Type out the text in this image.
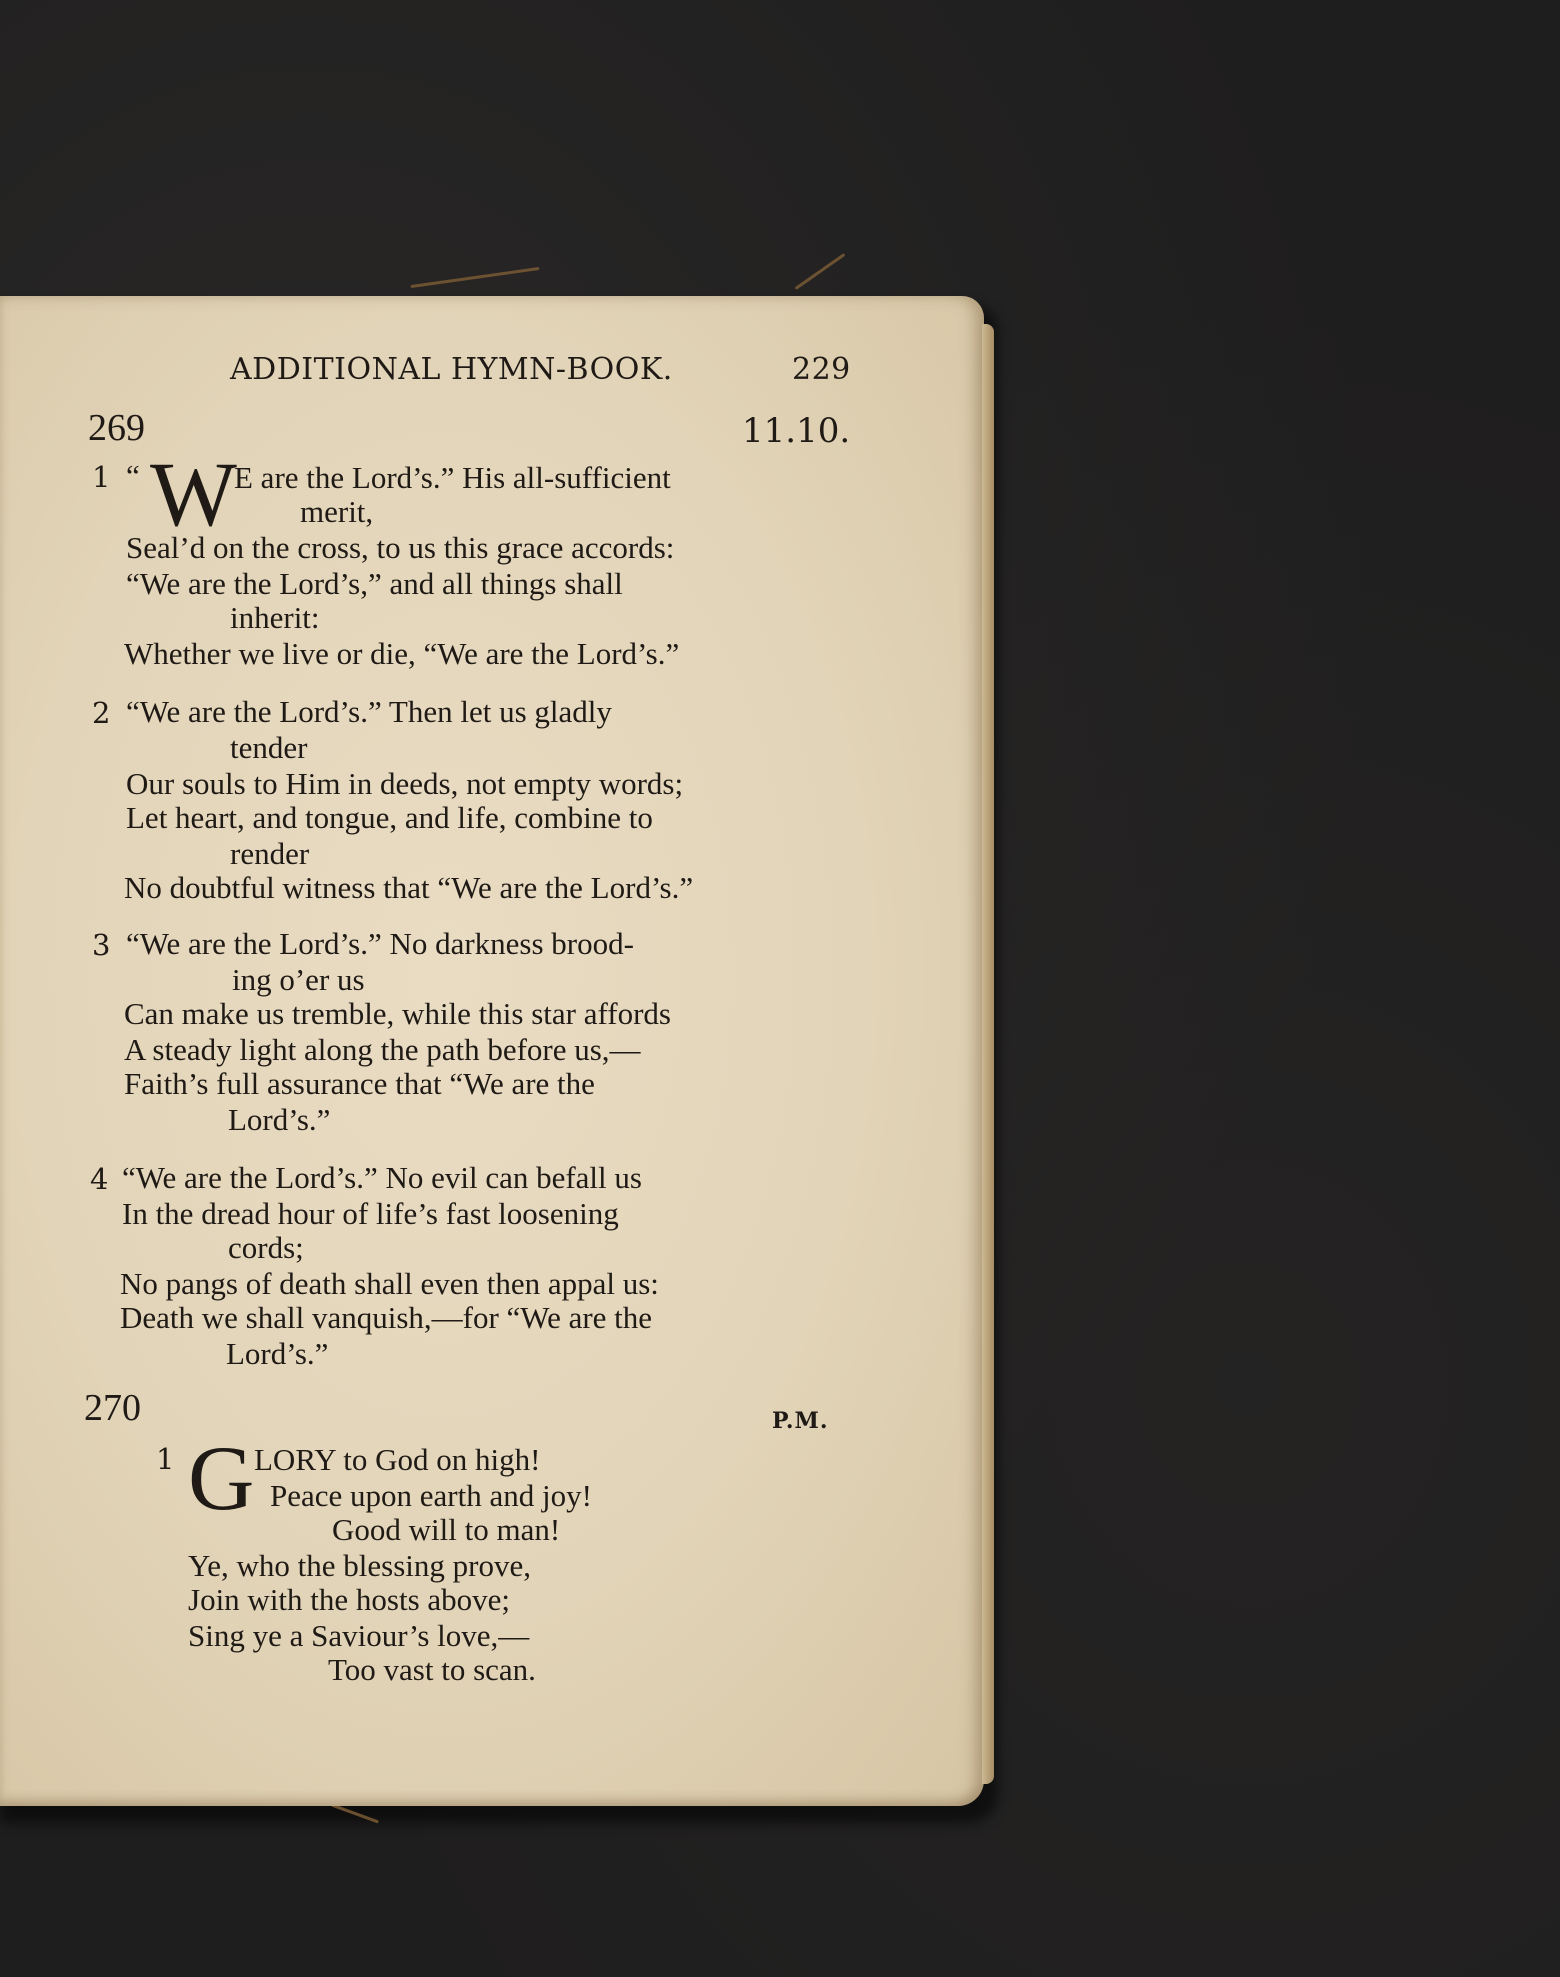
ADDITIONAL HYMN-BOOK.	229
269	11.10.
1 “ W
E are the Lord’s.” His all-sufficient
merit,
Seal’d on the cross, to us this grace accords:
“We are the Lord’s,” and all things shall
inherit:
Whether we live or die, “We are the Lord’s.”
2 “We are the Lord’s.” Then let us gladly
tender
Our souls to Him in deeds, not empty words;
Let heart, and tongue, and life, combine to
render
No doubtful witness that “We are the Lord’s.”
3 “We are the Lord’s.” No darkness brood-
ing o’er us
Can make us tremble, while this star affords
A steady light along the path before us,—
Faith’s full assurance that “We are the
Lord’s.”
4 “We are the Lord’s.” No evil can befall us
In the dread hour of life’s fast loosening
cords;
No pangs of death shall even then appal us:
Death we shall vanquish,—for “We are the
Lord’s.”
270	P.M.
1 G LORY to God on high!
Peace upon earth and joy!
Good will to man!
Ye, who the blessing prove,
Join with the hosts above;
Sing ye a Saviour’s love,—
Too vast to scan.
